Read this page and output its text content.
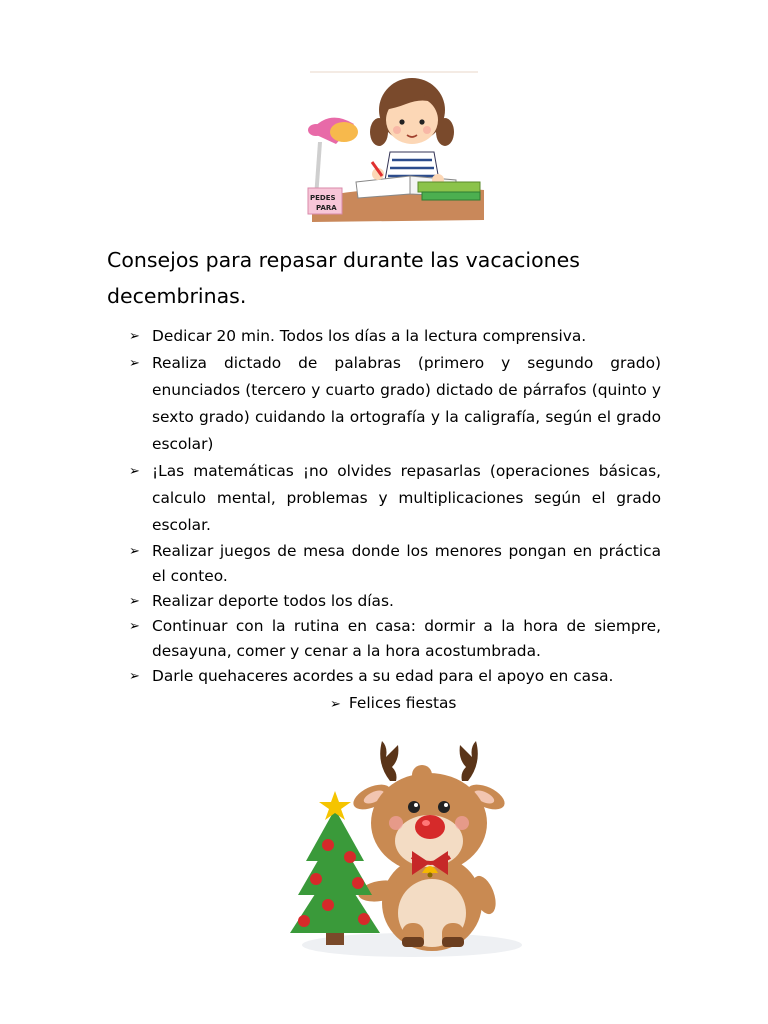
PEDES
PARA
Consejos para repasar durante las vacaciones decembrinas.
➢ Dedicar 20 min. Todos los días a la lectura comprensiva.
➢ Realiza dictado de palabras (primero y segundo grado) enunciados (tercero y cuarto grado) dictado de párrafos (quinto y sexto grado) cuidando la ortografía y la caligrafía, según el grado escolar)
➢ ¡Las matemáticas ¡no olvides repasarlas (operaciones básicas, calculo mental, problemas y multiplicaciones según el grado escolar.
➢ Realizar juegos de mesa donde los menores pongan en práctica el conteo.
➢ Realizar deporte todos los días.
➢ Continuar con la rutina en casa: dormir a la hora de siempre, desayuna, comer y cenar a la hora acostumbrada.
➢ Darle quehaceres acordes a su edad para el apoyo en casa.
➢ Felices fiestas
